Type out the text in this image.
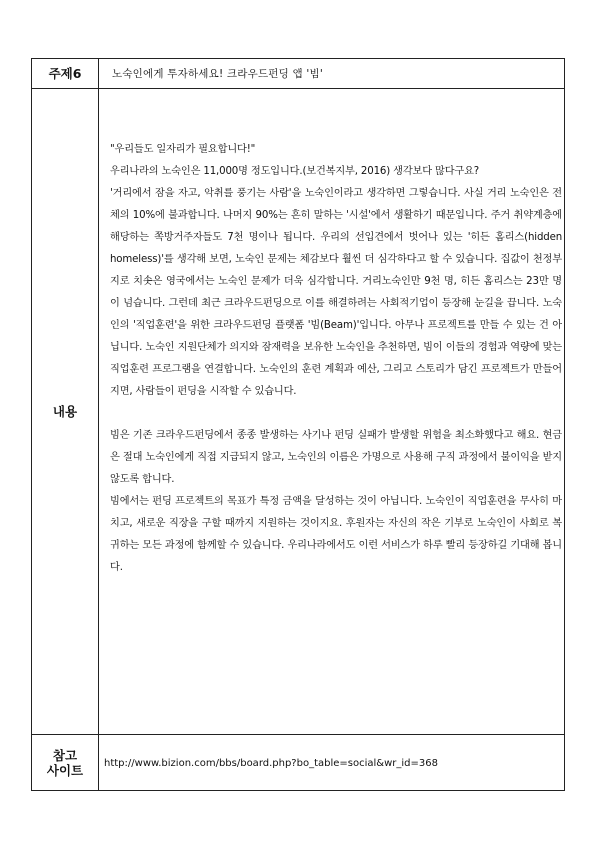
주제6	노숙인에게 투자하세요! 크라우드펀딩 앱 '빔'
내용

"우리들도 일자리가 필요합니다!"

우리나라의 노숙인은 11,000명 정도입니다.(보건복지부, 2016) 생각보다 많다구요?

'거리에서 잠을 자고, 악취를 풍기는 사람'을 노숙인이라고 생각하면 그렇습니다. 사실 거리 노숙인은 전체의 10%에 불과합니다. 나머지 90%는 흔히 말하는 '시설'에서 생활하기 때문입니다. 주거 취약계층에 해당하는 쪽방거주자들도 7천 명이나 됩니다. 우리의 선입견에서 벗어나 있는 '히든 홈리스(hidden homeless)'를 생각해 보면, 노숙인 문제는 체감보다 훨씬 더 심각하다고 할 수 있습니다. 집값이 천정부지로 치솟은 영국에서는 노숙인 문제가 더욱 심각합니다. 거리노숙인만 9천 명, 히든 홈리스는 23만 명이 넘습니다. 그런데 최근 크라우드펀딩으로 이를 해결하려는 사회적기업이 등장해 눈길을 끕니다. 노숙인의 '직업훈련'을 위한 크라우드펀딩 플랫폼 '빔(Beam)'입니다. 아무나 프로젝트를 만들 수 있는 건 아닙니다. 노숙인 지원단체가 의지와 잠재력을 보유한 노숙인을 추천하면, 빔이 이들의 경험과 역량에 맞는 직업훈련 프로그램을 연결합니다. 노숙인의 훈련 계획과 예산, 그리고 스토리가 담긴 프로젝트가 만들어지면, 사람들이 펀딩을 시작할 수 있습니다.

빔은 기존 크라우드펀딩에서 종종 발생하는 사기나 펀딩 실패가 발생할 위험을 최소화했다고 해요. 현금은 절대 노숙인에게 직접 지급되지 않고, 노숙인의 이름은 가명으로 사용해 구직 과정에서 불이익을 받지 않도록 합니다.

빔에서는 펀딩 프로젝트의 목표가 특정 금액을 달성하는 것이 아닙니다. 노숙인이 직업훈련을 무사히 마치고, 새로운 직장을 구할 때까지 지원하는 것이지요. 후원자는 자신의 작은 기부로 노숙인이 사회로 복귀하는 모든 과정에 함께할 수 있습니다. 우리나라에서도 이런 서비스가 하루 빨리 등장하길 기대해 봅니다.

참고
사이트 http://www.bizion.com/bbs/board.php?bo_table=social&wr_id=368
